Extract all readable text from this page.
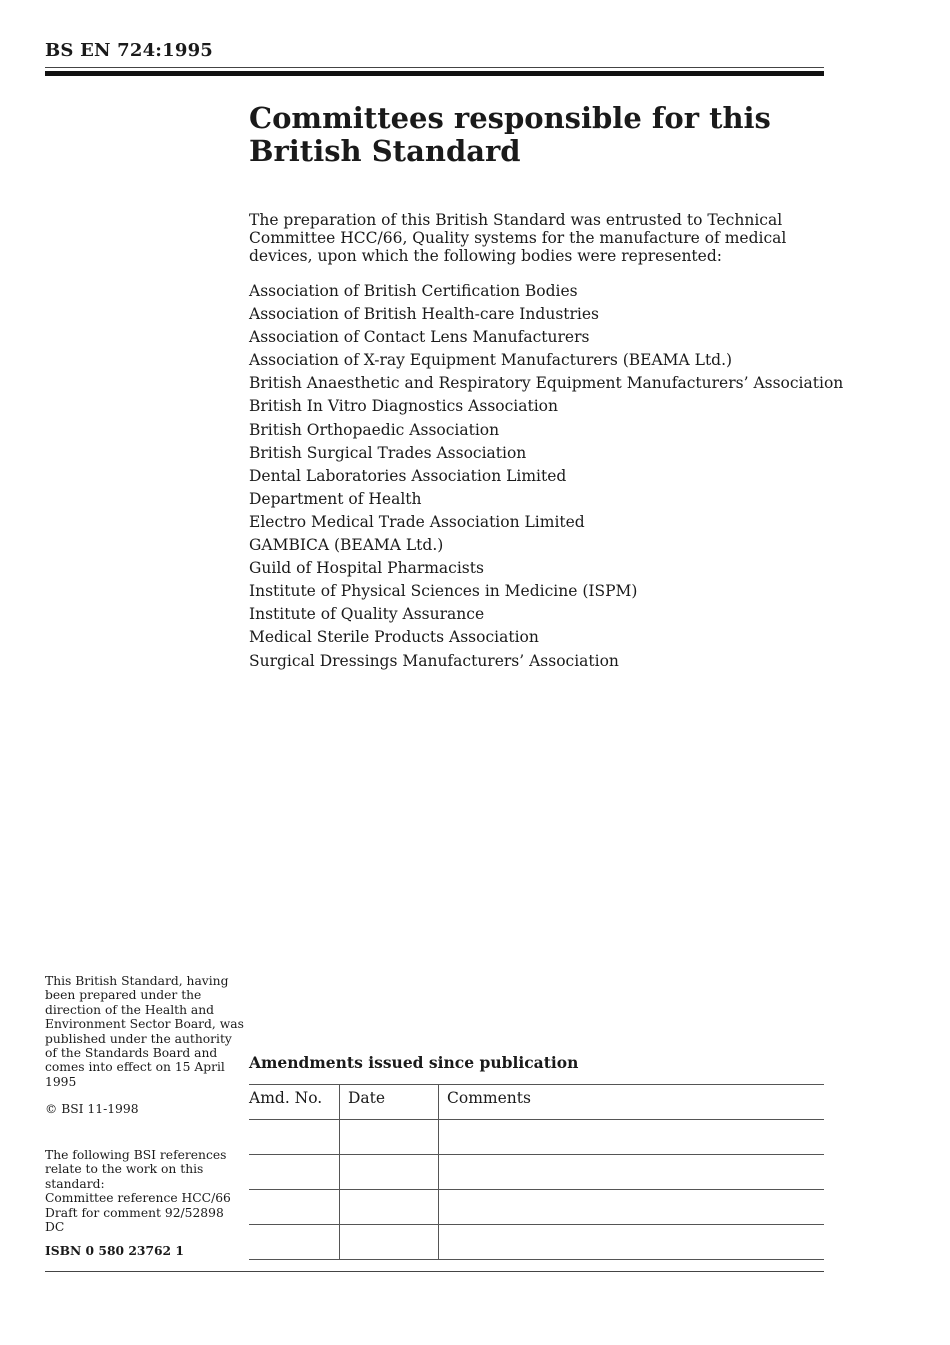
BS EN 724:1995
Committees responsible for this British Standard

The preparation of this British Standard was entrusted to Technical Committee HCC/66, Quality systems for the manufacture of medical devices, upon which the following bodies were represented:

Association of British Certification Bodies
Association of British Health-care Industries
Association of Contact Lens Manufacturers
Association of X-ray Equipment Manufacturers (BEAMA Ltd.)
British Anaesthetic and Respiratory Equipment Manufacturers’ Association
British In Vitro Diagnostics Association
British Orthopaedic Association
British Surgical Trades Association
Dental Laboratories Association Limited
Department of Health
Electro Medical Trade Association Limited
GAMBICA (BEAMA Ltd.)
Guild of Hospital Pharmacists
Institute of Physical Sciences in Medicine (ISPM)
Institute of Quality Assurance
Medical Sterile Products Association
Surgical Dressings Manufacturers’ Association

This British Standard, having been prepared under the direction of the Health and Environment Sector Board, was published under the authority of the Standards Board and comes into effect on 15 April 1995

© BSI 11-1998

The following BSI references relate to the work on this standard:
Committee reference HCC/66
Draft for comment 92/52898 DC
ISBN 0 580 23762 1
Amendments issued since publication
Amd. No.	Date	Comments
